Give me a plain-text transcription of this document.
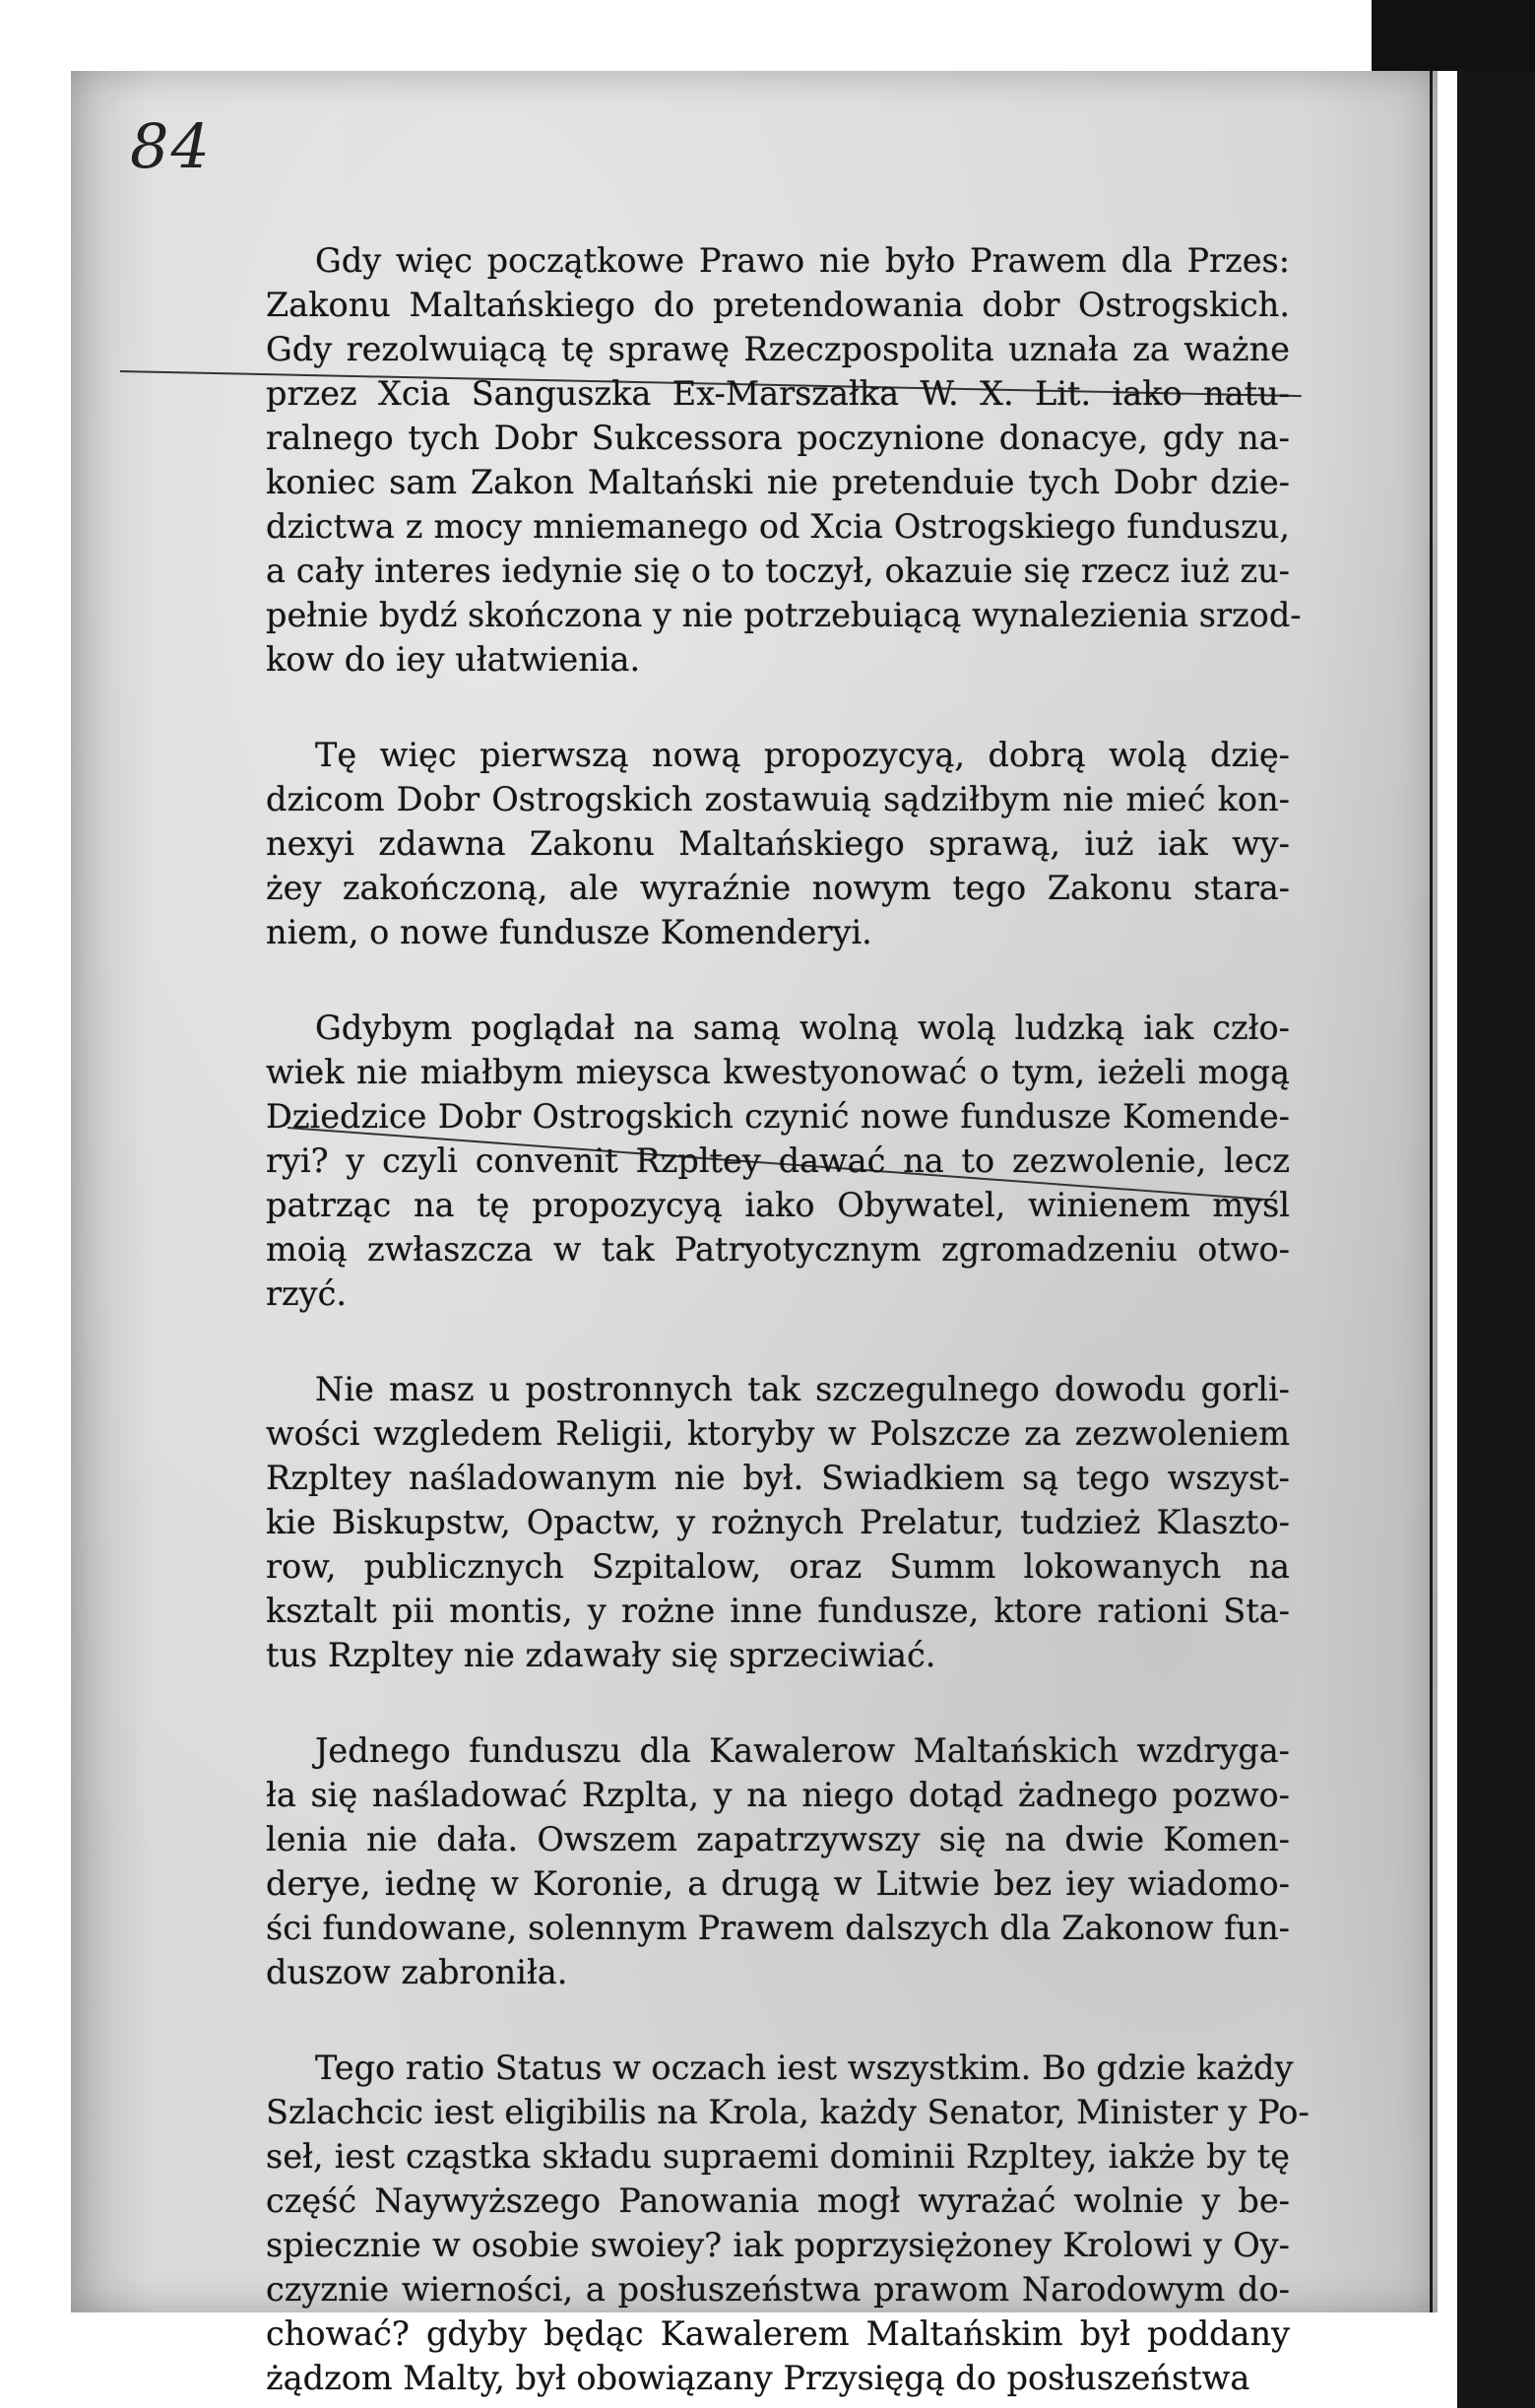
84
Gdy więc początkowe Prawo nie było Prawem dla Przes:
Zakonu Maltańskiego do pretendowania dobr Ostrogskich.
Gdy rezolwuiącą tę sprawę Rzeczpospolita uznała za ważne
przez Xcia Sanguszka Ex-Marszałka W. X. Lit. iako natu-
ralnego tych Dobr Sukcessora poczynione donacye, gdy na-
koniec sam Zakon Maltański nie pretenduie tych Dobr dzie-
dzictwa z mocy mniemanego od Xcia Ostrogskiego funduszu,
a cały interes iedynie się o to toczył, okazuie się rzecz iuż zu-
pełnie bydź skończona y nie potrzebuiącą wynalezienia srzod-
kow do iey ułatwienia.
Tę więc pierwszą nową propozycyą, dobrą wolą dzię-
dzicom Dobr Ostrogskich zostawuią sądziłbym nie mieć kon-
nexyi zdawna Zakonu Maltańskiego sprawą, iuż iak wy-
żey zakończoną, ale wyraźnie nowym tego Zakonu stara-
niem, o nowe fundusze Komenderyi.
Gdybym poglądał na samą wolną wolą ludzką iak czło-
wiek nie miałbym mieysca kwestyonować o tym, ieżeli mogą
Dziedzice Dobr Ostrogskich czynić nowe fundusze Komende-
ryi? y czyli convenit Rzpltey dawać na to zezwolenie, lecz
patrząc na tę propozycyą iako Obywatel, winienem myśl
moią zwłaszcza w tak Patryotycznym zgromadzeniu otwo-
rzyć.
Nie masz u postronnych tak szczegulnego dowodu gorli-
wości wzgledem Religii, ktoryby w Polszcze za zezwoleniem
Rzpltey naśladowanym nie był. Swiadkiem są tego wszyst-
kie Biskupstw, Opactw, y rożnych Prelatur, tudzież Klaszto-
row, publicznych Szpitalow, oraz Summ lokowanych na
ksztalt pii montis, y rożne inne fundusze, ktore rationi Sta-
tus Rzpltey nie zdawały się sprzeciwiać.
Jednego funduszu dla Kawalerow Maltańskich wzdryga-
ła się naśladować Rzplta, y na niego dotąd żadnego pozwo-
lenia nie dała. Owszem zapatrzywszy się na dwie Komen-
derye, iednę w Koronie, a drugą w Litwie bez iey wiadomo-
ści fundowane, solennym Prawem dalszych dla Zakonow fun-
duszow zabroniła.
Tego ratio Status w oczach iest wszystkim. Bo gdzie każdy
Szlachcic iest eligibilis na Krola, każdy Senator, Minister y Po-
seł, iest cząstka składu supraemi dominii Rzpltey, iakże by tę
część Naywyższego Panowania mogł wyrażać wolnie y be-
spiecznie w osobie swoiey? iak poprzysiężoney Krolowi y Oy-
czyznie wierności, a posłuszeństwa prawom Narodowym do-
chować? gdyby będąc Kawalerem Maltańskim był poddany
żądzom Malty, był obowiązany Przysięgą do posłuszeństwa
